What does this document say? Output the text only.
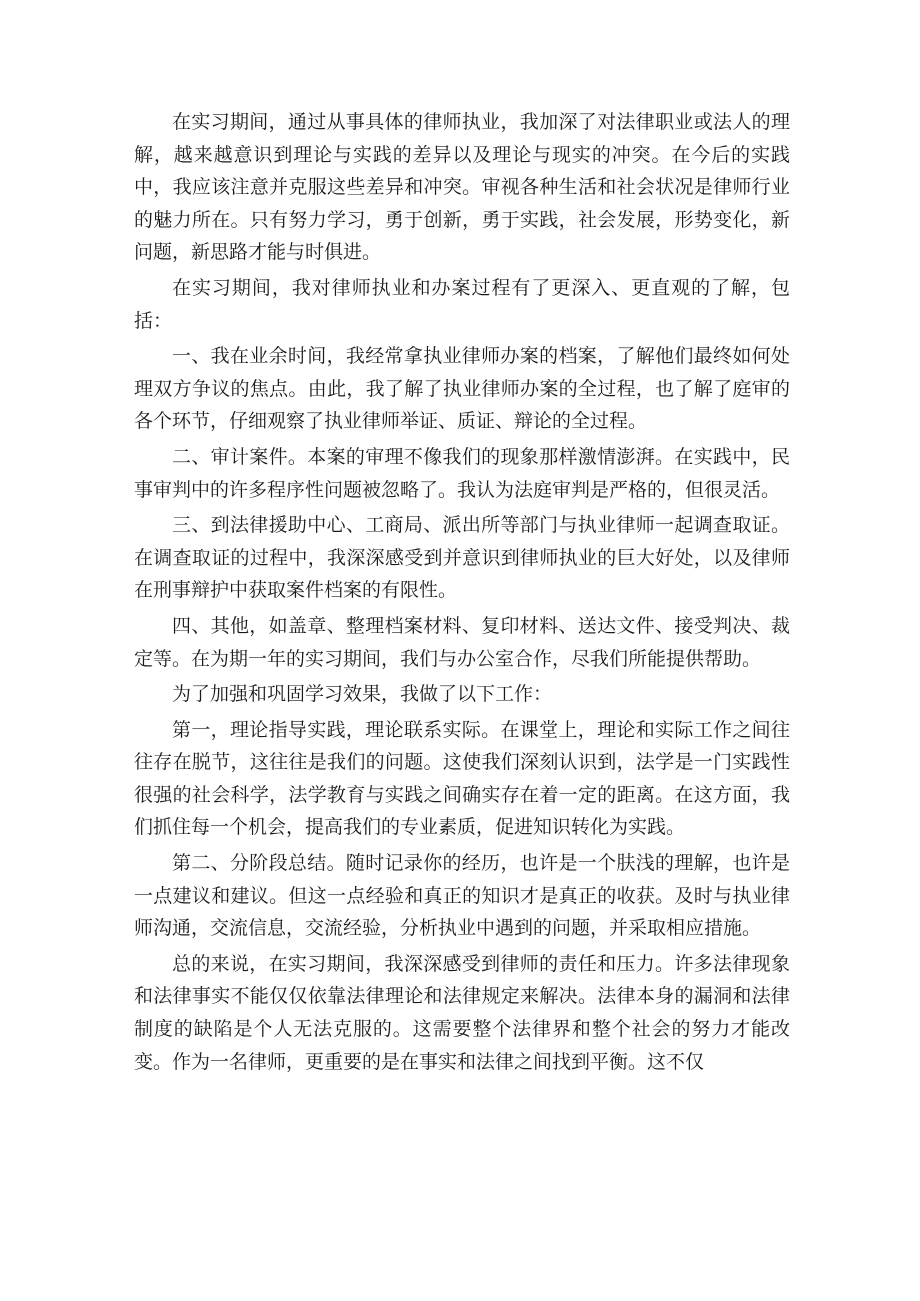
在实习期间，通过从事具体的律师执业，我加深了对法律职业或法人的理解，越来越意识到理论与实践的差异以及理论与现实的冲突。在今后的实践中，我应该注意并克服这些差异和冲突。审视各种生活和社会状况是律师行业的魅力所在。只有努力学习，勇于创新，勇于实践，社会发展，形势变化，新问题，新思路才能与时俱进。

在实习期间，我对律师执业和办案过程有了更深入、更直观的了解，包括：

一、我在业余时间，我经常拿执业律师办案的档案，了解他们最终如何处理双方争议的焦点。由此，我了解了执业律师办案的全过程，也了解了庭审的各个环节，仔细观察了执业律师举证、质证、辩论的全过程。

二、审计案件。本案的审理不像我们的现象那样激情澎湃。在实践中，民事审判中的许多程序性问题被忽略了。我认为法庭审判是严格的，但很灵活。

三、到法律援助中心、工商局、派出所等部门与执业律师一起调查取证。在调查取证的过程中，我深深感受到并意识到律师执业的巨大好处，以及律师在刑事辩护中获取案件档案的有限性。

四、其他，如盖章、整理档案材料、复印材料、送达文件、接受判决、裁定等。在为期一年的实习期间，我们与办公室合作，尽我们所能提供帮助。

为了加强和巩固学习效果，我做了以下工作：

第一，理论指导实践，理论联系实际。在课堂上，理论和实际工作之间往往存在脱节，这往往是我们的问题。这使我们深刻认识到，法学是一门实践性很强的社会科学，法学教育与实践之间确实存在着一定的距离。在这方面，我们抓住每一个机会，提高我们的专业素质，促进知识转化为实践。

第二、分阶段总结。随时记录你的经历，也许是一个肤浅的理解，也许是一点建议和建议。但这一点经验和真正的知识才是真正的收获。及时与执业律师沟通，交流信息，交流经验，分析执业中遇到的问题，并采取相应措施。

总的来说，在实习期间，我深深感受到律师的责任和压力。许多法律现象和法律事实不能仅仅依靠法律理论和法律规定来解决。法律本身的漏洞和法律制度的缺陷是个人无法克服的。这需要整个法律界和整个社会的努力才能改变。作为一名律师，更重要的是在事实和法律之间找到平衡。这不仅
